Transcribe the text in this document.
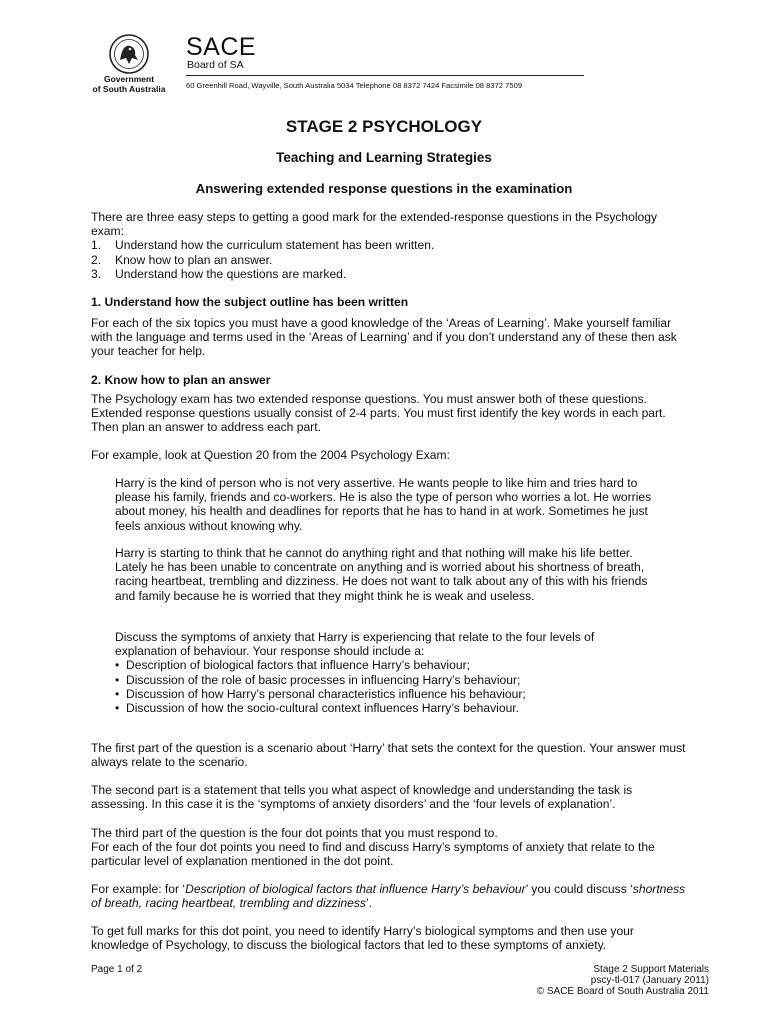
Government
of South Australia
SACE
Board of SA
60 Greenhill Road, Wayville, South Australia 5034 Telephone 08 8372 7424 Facsimile 08 8372 7509
STAGE 2 PSYCHOLOGY
Teaching and Learning Strategies
Answering extended response questions in the examination
There are three easy steps to getting a good mark for the extended-response questions in the Psychology exam:
1. Understand how the curriculum statement has been written.
2. Know how to plan an answer.
3. Understand how the questions are marked.
1. Understand how the subject outline has been written
For each of the six topics you must have a good knowledge of the ‘Areas of Learning’. Make yourself familiar with the language and terms used in the ‘Areas of Learning’ and if you don’t understand any of these then ask your teacher for help.
2. Know how to plan an answer
The Psychology exam has two extended response questions. You must answer both of these questions. Extended response questions usually consist of 2-4 parts. You must first identify the key words in each part. Then plan an answer to address each part.
For example, look at Question 20 from the 2004 Psychology Exam:
Harry is the kind of person who is not very assertive. He wants people to like him and tries hard to please his family, friends and co-workers. He is also the type of person who worries a lot. He worries about money, his health and deadlines for reports that he has to hand in at work. Sometimes he just feels anxious without knowing why.
Harry is starting to think that he cannot do anything right and that nothing will make his life better. Lately he has been unable to concentrate on anything and is worried about his shortness of breath, racing heartbeat, trembling and dizziness. He does not want to talk about any of this with his friends and family because he is worried that they might think he is weak and useless.
Discuss the symptoms of anxiety that Harry is experiencing that relate to the four levels of explanation of behaviour. Your response should include a:
• Description of biological factors that influence Harry’s behaviour;
• Discussion of the role of basic processes in influencing Harry’s behaviour;
• Discussion of how Harry’s personal characteristics influence his behaviour;
• Discussion of how the socio-cultural context influences Harry’s behaviour.
The first part of the question is a scenario about ‘Harry’ that sets the context for the question. Your answer must always relate to the scenario.
The second part is a statement that tells you what aspect of knowledge and understanding the task is assessing. In this case it is the ‘symptoms of anxiety disorders’ and the ‘four levels of explanation’.
The third part of the question is the four dot points that you must respond to.
For each of the four dot points you need to find and discuss Harry’s symptoms of anxiety that relate to the particular level of explanation mentioned in the dot point.
For example: for ‘Description of biological factors that influence Harry’s behaviour’ you could discuss ‘shortness of breath, racing heartbeat, trembling and dizziness’.
To get full marks for this dot point, you need to identify Harry’s biological symptoms and then use your knowledge of Psychology, to discuss the biological factors that led to these symptoms of anxiety.
Page 1 of 2	Stage 2 Support Materials
pscy-tl-017 (January 2011)
© SACE Board of South Australia 2011
